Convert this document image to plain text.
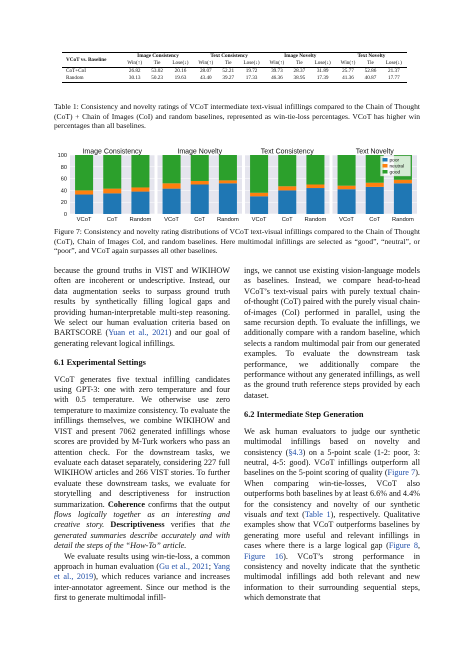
VCoT vs. Baseline	Image Consistency			Text Consistency			Image Novelty			Text Novelty		
	Win(↑)	Tie	Lose(↓)	Win(↑)	Tie	Lose(↓)	Win(↑)	Tie	Lose(↓)	Win(↑)	Tie	Lose(↓)
CoT+CoI	26.82	53.02	20.16	28.07	52.21	19.72	39.73	28.37	31.89	25.77	52.86	21.37
Random	30.13	50.23	19.63	43.40	39.27	17.33	46.36	38.95	17.39	41.36	40.87	17.77
Table 1: Consistency and novelty ratings of VCoT intermediate text-visual infillings compared to the Chain of Thought (CoT) + Chain of Images (CoI) and random baselines, represented as win-tie-loss percentages. VCoT has higher win percentages than all baselines.
0
20
40
60
80
100
Image Consistency
VCoT	CoT Random
Image Novelty
VCoT	CoT Random
Text Consistency
VCoT	CoT Random
Text Novelty
VCoT	CoT Random
poor
neutral
good
Figure 7: Consistency and novelty rating distributions of VCoT text-visual infillings compared to the Chain of Thought (CoT), Chain of Images CoI, and random baselines. Here multimodal infillings are selected as “good”, “neutral”, or “poor”, and VCoT again surpasses all other baselines.

because the ground truths in VIST and WIKIHOW often are incoherent or undescriptive. Instead, our data augmentation seeks to surpass ground truth results by synthetically filling logical gaps and providing human-interpretable multi-step reasoning. We select our human evaluation criteria based on BARTSCORE (Yuan et al., 2021) and our goal of generating relevant logical infillings.

6.1 Experimental Settings

VCoT generates five textual infilling candidates using GPT-3: one with zero temperature and four with 0.5 temperature. We otherwise use zero temperature to maximize consistency. To evaluate the infillings themselves, we combine WIKIHOW and VIST and present 7062 generated infillings whose scores are provided by M-Turk workers who pass an attention check. For the downstream tasks, we evaluate each dataset separately, considering 227 full WIKIHOW articles and 266 VIST stories. To further evaluate these downstream tasks, we evaluate for storytelling and descriptiveness for instruction summarization. Coherence confirms that the output flows logically together as an interesting and creative story. Descriptiveness verifies that the generated summaries describe accurately and with detail the steps of the “How-To” article.

We evaluate results using win-tie-loss, a common approach in human evaluation (Gu et al., 2021; Yang et al., 2019), which reduces variance and increases inter-annotator agreement. Since our method is the first to generate multimodal infill-

ings, we cannot use existing vision-language models as baselines. Instead, we compare head-to-head VCoT’s text-visual pairs with purely textual chain-of-thought (CoT) paired with the purely visual chain-of-images (CoI) performed in parallel, using the same recursion depth. To evaluate the infillings, we additionally compare with a random baseline, which selects a random multimodal pair from our generated examples. To evaluate the downstream task performance, we additionally compare the performance without any generated infillings, as well as the ground truth reference steps provided by each dataset.

6.2 Intermediate Step Generation

We ask human evaluators to judge our synthetic multimodal infillings based on novelty and consistency (§4.3) on a 5-point scale (1-2: poor, 3: neutral, 4-5: good). VCoT infillings outperform all baselines on the 5-point scoring of quality (Figure 7). When comparing win-tie-losses, VCoT also outperforms both baselines by at least 6.6% and 4.4% for the consistency and novelty of our synthetic visuals and text (Table 1), respectively. Qualitative examples show that VCoT outperforms baselines by generating more useful and relevant infillings in cases where there is a large logical gap (Figure 8, Figure 16). VCoT’s strong performance in consistency and novelty indicate that the synthetic multimodal infillings add both relevant and new information to their surrounding sequential steps, which demonstrate that
